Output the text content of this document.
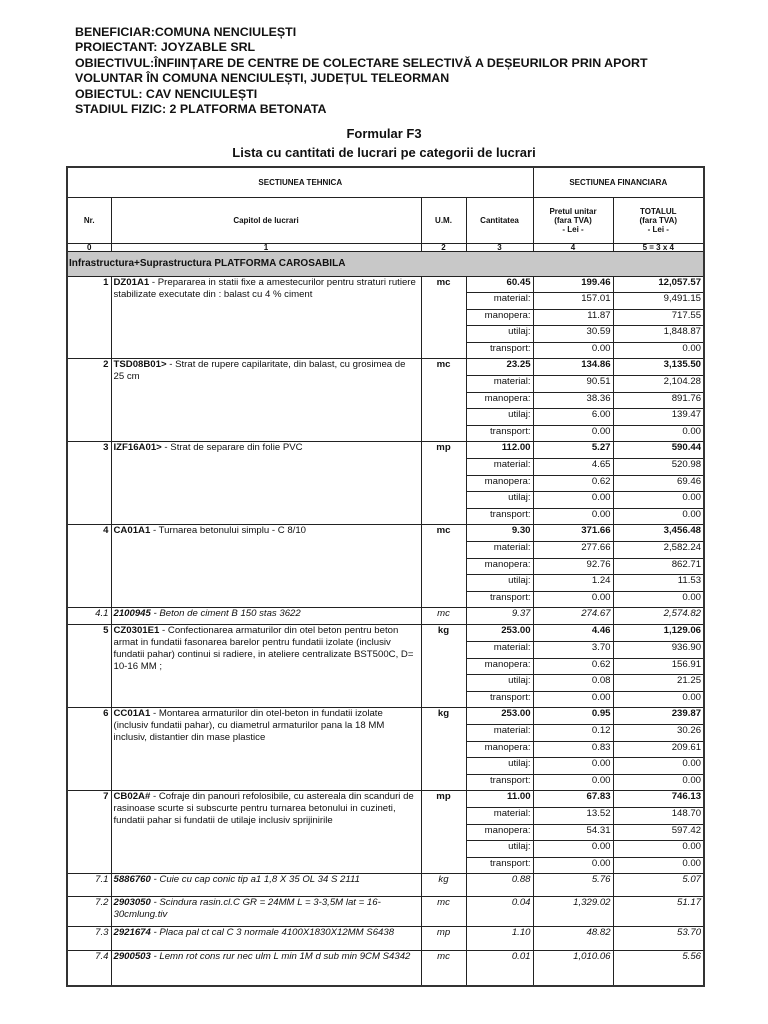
BENEFICIAR:COMUNA NENCIULEȘTI
PROIECTANT: JOYZABLE SRL
OBIECTIVUL:ÎNFIINȚARE DE CENTRE DE COLECTARE SELECTIVĂ A DEȘEURILOR PRIN APORT
VOLUNTAR ÎN COMUNA NENCIULEȘTI, JUDEȚUL TELEORMAN
OBIECTUL: CAV NENCIULEȘTI
STADIUL FIZIC: 2 PLATFORMA BETONATA
Formular F3
Lista cu cantitati de lucrari pe categorii de lucrari
SECTIUNEA TEHNICA				SECTIUNEA FINANCIARA	
Nr.	Capitol de lucrari	U.M.	Cantitatea	Pretul unitar
(fara TVA)
- Lei -	TOTALUL
(fara TVA)
- Lei -
0	1	2	3	4	5 = 3 x 4
Infrastructura+Suprastructura PLATFORMA CAROSABILA					
1	DZ01A1 - Prepararea in statii fixe a amestecurilor pentru straturi rutiere stabilizate executate din : balast cu 4 % ciment	mc	60.45	199.46	12,057.57
			material:	157.01	9,491.15
			manopera:	11.87	717.55
			utilaj:	30.59	1,848.87
			transport:	0.00	0.00
2	TSD08B01> - Strat de rupere capilaritate, din balast, cu grosimea de 25 cm	mc	23.25	134.86	3,135.50
			material:	90.51	2,104.28
			manopera:	38.36	891.76
			utilaj:	6.00	139.47
			transport:	0.00	0.00
3	IZF16A01> - Strat de separare din folie PVC	mp	112.00	5.27	590.44
			material:	4.65	520.98
			manopera:	0.62	69.46
			utilaj:	0.00	0.00
			transport:	0.00	0.00
4	CA01A1 - Turnarea betonului simplu - C 8/10	mc	9.30	371.66	3,456.48
			material:	277.66	2,582.24
			manopera:	92.76	862.71
			utilaj:	1.24	11.53
			transport:	0.00	0.00
4.1	2100945 - Beton de ciment B 150 stas 3622	mc	9.37	274.67	2,574.82
5	CZ0301E1 - Confectionarea armaturilor din otel beton pentru beton armat in fundatii fasonarea barelor pentru fundatii izolate (inclusiv fundatii pahar) continui si radiere, in ateliere centralizate BST500C, D= 10-16 MM ;	kg	253.00	4.46	1,129.06
			material:	3.70	936.90
			manopera:	0.62	156.91
			utilaj:	0.08	21.25
			transport:	0.00	0.00
6	CC01A1 - Montarea armaturilor din otel-beton in fundatii izolate (inclusiv fundatii pahar), cu diametrul armaturilor pana la 18 MM inclusiv, distantier din mase plastice	kg	253.00	0.95	239.87
			material:	0.12	30.26
			manopera:	0.83	209.61
			utilaj:	0.00	0.00
			transport:	0.00	0.00
7	CB02A# - Cofraje din panouri refolosibile, cu astereala din scanduri de rasinoase scurte si subscurte pentru turnarea betonului in cuzineti, fundatii pahar si fundatii de utilaje inclusiv sprijinirile	mp	11.00	67.83	746.13
			material:	13.52	148.70
			manopera:	54.31	597.42
			utilaj:	0.00	0.00
			transport:	0.00	0.00
7.1	5886760 - Cuie cu cap conic tip a1 1,8 X 35 OL 34 S 2111	kg	0.88	5.76	5.07
7.2	2903050 - Scindura rasin.cl.C GR = 24MM L = 3-3,5M lat = 16-30cmlung.tiv	mc	0.04	1,329.02	51.17
7.3	2921674 - Placa pal ct cal C 3 normale 4100X1830X12MM S6438	mp	1.10	48.82	53.70
7.4	2900503 - Lemn rot cons rur nec ulm L min 1M d sub min 9CM S4342	mc	0.01	1,010.06	5.56
